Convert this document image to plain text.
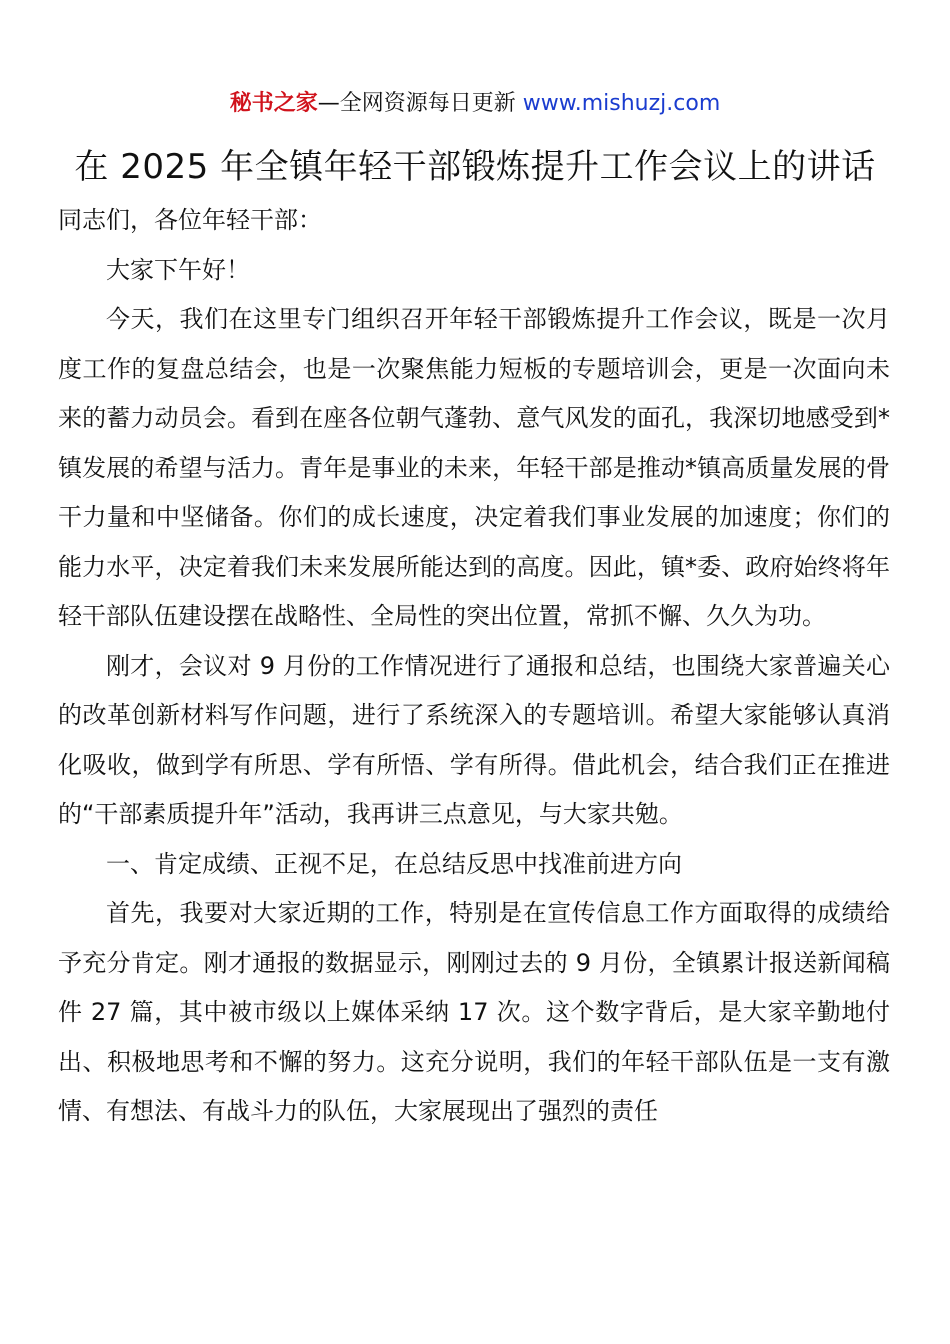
秘书之家—全网资源每日更新 www.mishuzj.com
在 2025 年全镇年轻干部锻炼提升工作会议上的讲话

同志们，各位年轻干部：

大家下午好！

今天，我们在这里专门组织召开年轻干部锻炼提升工作会议，既是一次月度工作的复盘总结会，也是一次聚焦能力短板的专题培训会，更是一次面向未来的蓄力动员会。看到在座各位朝气蓬勃、意气风发的面孔，我深切地感受到*镇发展的希望与活力。青年是事业的未来，年轻干部是推动*镇高质量发展的骨干力量和中坚储备。你们的成长速度，决定着我们事业发展的加速度；你们的能力水平，决定着我们未来发展所能达到的高度。因此，镇*委、政府始终将年轻干部队伍建设摆在战略性、全局性的突出位置，常抓不懈、久久为功。

刚才，会议对 9 月份的工作情况进行了通报和总结，也围绕大家普遍关心的改革创新材料写作问题，进行了系统深入的专题培训。希望大家能够认真消化吸收，做到学有所思、学有所悟、学有所得。借此机会，结合我们正在推进的“干部素质提升年”活动，我再讲三点意见，与大家共勉。

一、肯定成绩、正视不足，在总结反思中找准前进方向

首先，我要对大家近期的工作，特别是在宣传信息工作方面取得的成绩给予充分肯定。刚才通报的数据显示，刚刚过去的 9 月份，全镇累计报送新闻稿件 27 篇，其中被市级以上媒体采纳 17 次。这个数字背后，是大家辛勤地付出、积极地思考和不懈的努力。这充分说明，我们的年轻干部队伍是一支有激情、有想法、有战斗力的队伍，大家展现出了强烈的责任
